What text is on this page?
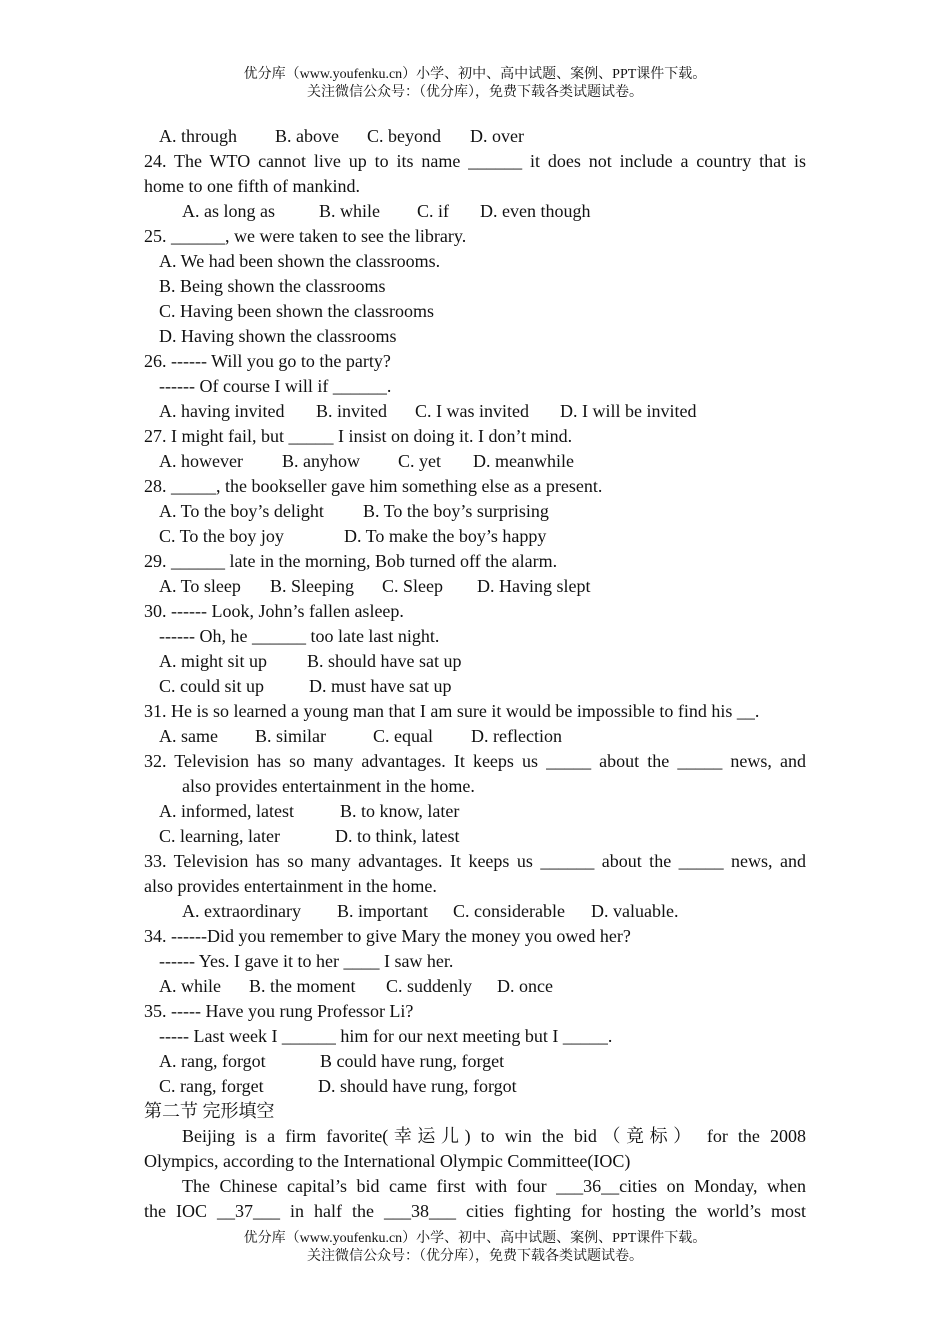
优分库（www.youfenku.cn）小学、初中、高中试题、案例、PPT课件下载。
关注微信公众号：（优分库），免费下载各类试题试卷。
A. through B. above C. beyond D. over
24. The WTO cannot live up to its name ______ it does not include a country that is
home to one fifth of mankind.
A. as long as B. while C. if D. even though
25. ______, we were taken to see the library.
A. We had been shown the classrooms.
B. Being shown the classrooms
C. Having been shown the classrooms
D. Having shown the classrooms
26. ------ Will you go to the party?
------ Of course I will if ______.
A. having invited B. invited C. I was invited D. I will be invited
27. I might fail, but _____ I insist on doing it. I don’t mind.
A. however B. anyhow C. yet D. meanwhile
28. _____, the bookseller gave him something else as a present.
A. To the boy’s delight B. To the boy’s surprising
C. To the boy joy	D. To make the boy’s happy
29. ______ late in the morning, Bob turned off the alarm.
A. To sleep B. Sleeping C. Sleep D. Having slept
30. ------ Look, John’s fallen asleep.
------ Oh, he ______ too late last night.
A. might sit up B. should have sat up
C. could sit up D. must have sat up
31. He is so learned a young man that I am sure it would be impossible to find his __.
A. same B. similar	C. equal D. reflection
32. Television has so many advantages. It keeps us _____ about the _____ news, and
also provides entertainment in the home.
A. informed, latest	B. to know, later
C. learning, later	D. to think, latest
33. Television has so many advantages. It keeps us ______ about the _____ news, and
also provides entertainment in the home.
A. extraordinary B. important C. considerable D. valuable.
34. ------Did you remember to give Mary the money you owed her?
------ Yes. I gave it to her ____ I saw her.
A. while B. the moment C. suddenly D. once
35. ----- Have you rung Professor Li?
----- Last week I ______ him for our next meeting but I _____.
A. rang, forgot	B could have rung, forget
C. rang, forget	D. should have rung, forgot
第二节 完形填空
Beijing is a firm favorite(幸运儿) to win the bid（竟标） for the 2008
Olympics, according to the International Olympic Committee(IOC)
The Chinese capital’s bid came first with four ___36__cities on Monday, when
the IOC __37___ in half the ___38___ cities fighting for hosting the world’s most
优分库（www.youfenku.cn）小学、初中、高中试题、案例、PPT课件下载。
关注微信公众号：（优分库），免费下载各类试题试卷。
